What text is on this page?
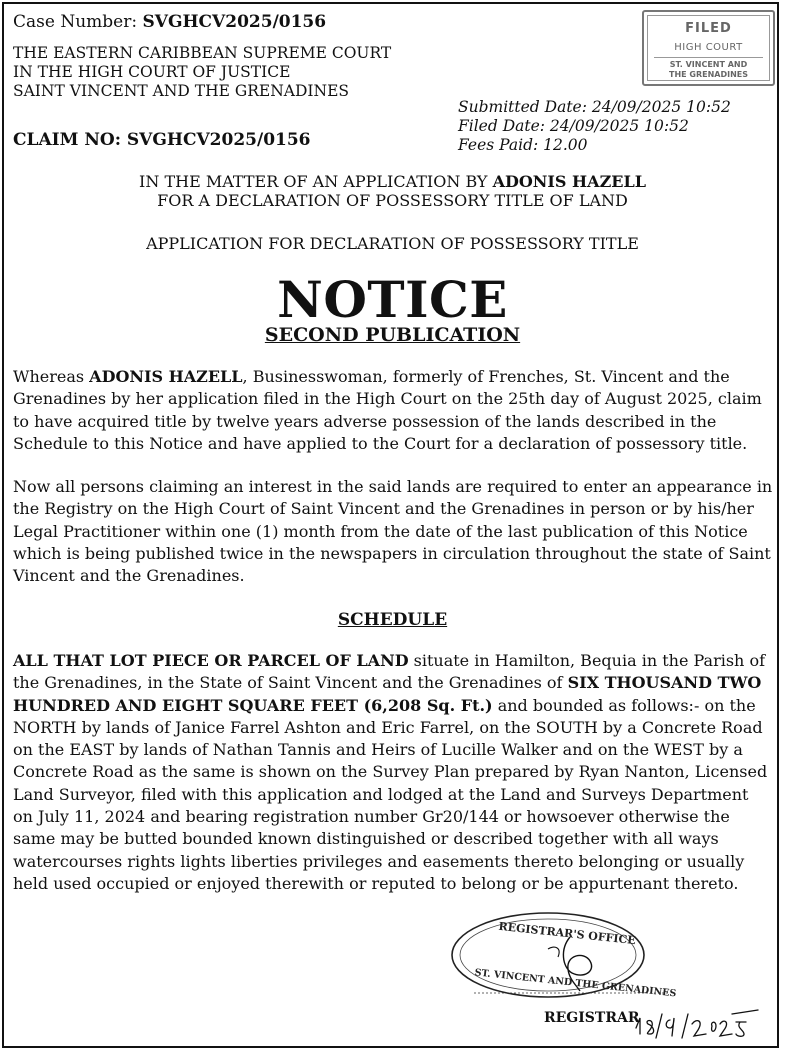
Case Number: SVGHCV2025/0156
THE EASTERN CARIBBEAN SUPREME COURT
IN THE HIGH COURT OF JUSTICE
SAINT VINCENT AND THE GRENADINES
CLAIM NO: SVGHCV2025/0156
Submitted Date: 24/09/2025 10:52
Filed Date: 24/09/2025 10:52
Fees Paid: 12.00
FILED
HIGH COURT
ST. VINCENT AND
THE GRENADINES
IN THE MATTER OF AN APPLICATION BY ADONIS HAZELL
FOR A DECLARATION OF POSSESSORY TITLE OF LAND
APPLICATION FOR DECLARATION OF POSSESSORY TITLE
NOTICE
SECOND PUBLICATION

Whereas ADONIS HAZELL, Businesswoman, formerly of Frenches, St. Vincent and the Grenadines by her application filed in the High Court on the 25th day of August 2025, claim to have acquired title by twelve years adverse possession of the lands described in the Schedule to this Notice and have applied to the Court for a declaration of possessory title.

Now all persons claiming an interest in the said lands are required to enter an appearance in the Registry on the High Court of Saint Vincent and the Grenadines in person or by his/her Legal Practitioner within one (1) month from the date of the last publication of this Notice which is being published twice in the newspapers in circulation throughout the state of Saint Vincent and the Grenadines.

SCHEDULE

ALL THAT LOT PIECE OR PARCEL OF LAND situate in Hamilton, Bequia in the Parish of the Grenadines, in the State of Saint Vincent and the Grenadines of SIX THOUSAND TWO HUNDRED AND EIGHT SQUARE FEET (6,208 Sq. Ft.) and bounded as follows:- on the NORTH by lands of Janice Farrel Ashton and Eric Farrel, on the SOUTH by a Concrete Road on the EAST by lands of Nathan Tannis and Heirs of Lucille Walker and on the WEST by a Concrete Road as the same is shown on the Survey Plan prepared by Ryan Nanton, Licensed Land Surveyor, filed with this application and lodged at the Land and Surveys Department on July 11, 2024 and bearing registration number Gr20/144 or howsoever otherwise the same may be butted bounded known distinguished or described together with all ways watercourses rights lights liberties privileges and easements thereto belonging or usually held used occupied or enjoyed therewith or reputed to belong or be appurtenant thereto.

REGISTRAR'S OFFICE
ST. VINCENT AND THE GRENADINES
REGISTRAR
